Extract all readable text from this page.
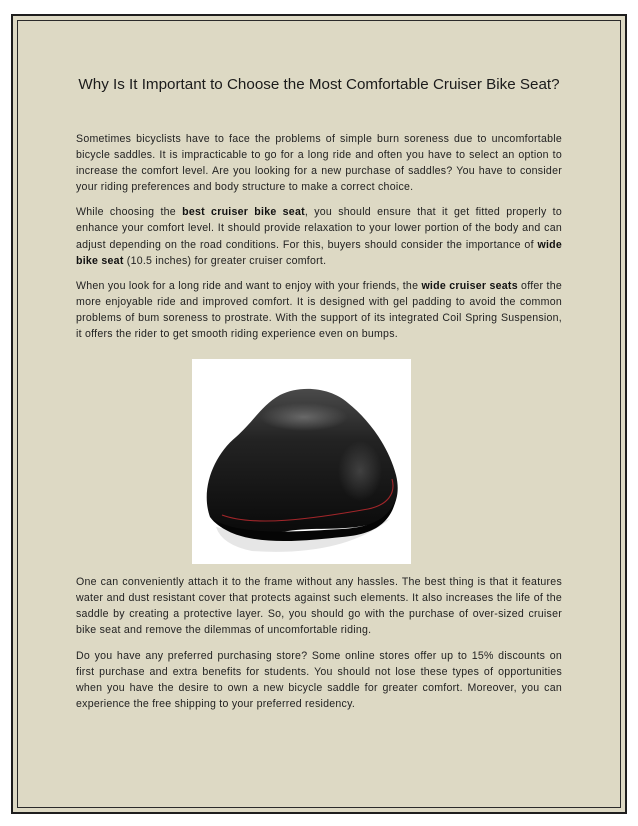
Why Is It Important to Choose the Most Comfortable Cruiser Bike Seat?

Sometimes bicyclists have to face the problems of simple burn soreness due to uncomfortable bicycle saddles. It is impracticable to go for a long ride and often you have to select an option to increase the comfort level. Are you looking for a new purchase of saddles? You have to consider your riding preferences and body structure to make a correct choice.

While choosing the best cruiser bike seat, you should ensure that it get fitted properly to enhance your comfort level. It should provide relaxation to your lower portion of the body and can adjust depending on the road conditions. For this, buyers should consider the importance of wide bike seat (10.5 inches) for greater cruiser comfort.

When you look for a long ride and want to enjoy with your friends, the wide cruiser seats offer the more enjoyable ride and improved comfort. It is designed with gel padding to avoid the common problems of bum soreness to prostrate. With the support of its integrated Coil Spring Suspension, it offers the rider to get smooth riding experience even on bumps.

One can conveniently attach it to the frame without any hassles. The best thing is that it features water and dust resistant cover that protects against such elements. It also increases the life of the saddle by creating a protective layer. So, you should go with the purchase of over-sized cruiser bike seat and remove the dilemmas of uncomfortable riding.

Do you have any preferred purchasing store? Some online stores offer up to 15% discounts on first purchase and extra benefits for students. You should not lose these types of opportunities when you have the desire to own a new bicycle saddle for greater comfort. Moreover, you can experience the free shipping to your preferred residency.
